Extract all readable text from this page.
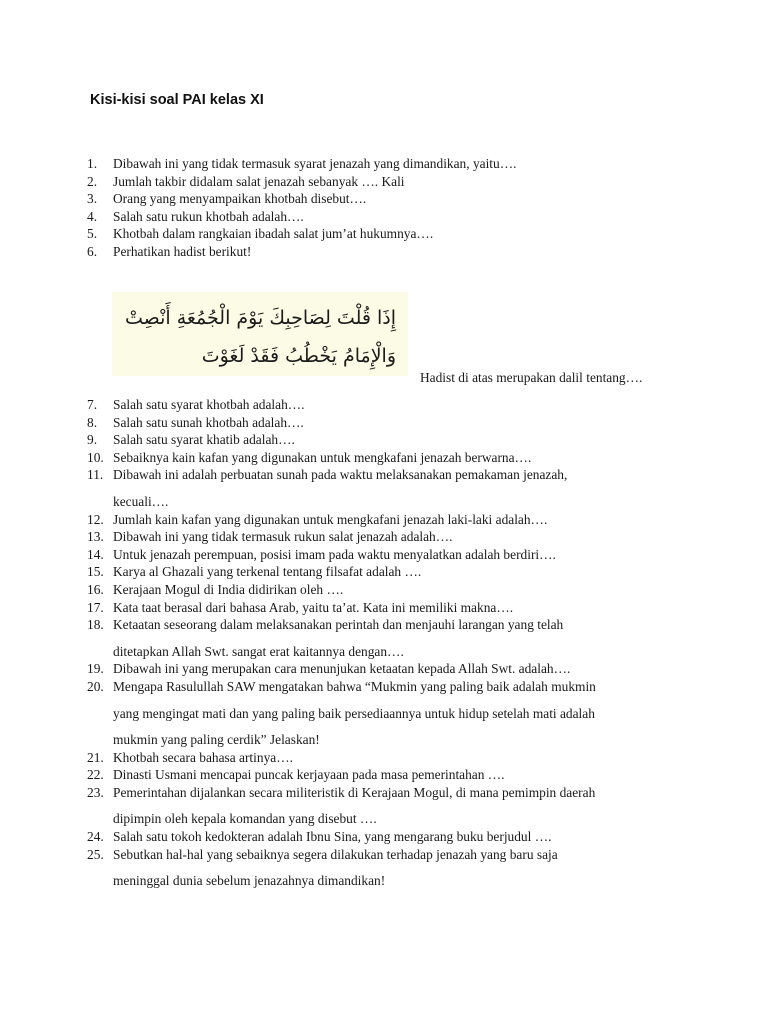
Kisi-kisi soal PAI kelas XI
1. Dibawah ini yang tidak termasuk syarat jenazah yang dimandikan, yaitu….
2. Jumlah takbir didalam salat jenazah sebanyak …. Kali
3. Orang yang menyampaikan khotbah disebut….
4. Salah satu rukun khotbah adalah….
5. Khotbah dalam rangkaian ibadah salat jum’at hukumnya….
6. Perhatikan hadist berikut!
إِذَا قُلْتَ لِصَاحِبِكَ يَوْمَ الْجُمُعَةِ أَنْصِتْ
وَالْإِمَامُ يَخْطُبُ فَقَدْ لَغَوْتَ
Hadist di atas merupakan dalil tentang….
7. Salah satu syarat khotbah adalah….
8. Salah satu sunah khotbah adalah….
9. Salah satu syarat khatib adalah….
10. Sebaiknya kain kafan yang digunakan untuk mengkafani jenazah berwarna….
11. Dibawah ini adalah perbuatan sunah pada waktu melaksanakan pemakaman jenazah,
kecuali….
12. Jumlah kain kafan yang digunakan untuk mengkafani jenazah laki-laki adalah….
13. Dibawah ini yang tidak termasuk rukun salat jenazah adalah….
14. Untuk jenazah perempuan, posisi imam pada waktu menyalatkan adalah berdiri….
15. Karya al Ghazali yang terkenal tentang filsafat adalah ….
16. Kerajaan Mogul di India didirikan oleh ….
17. Kata taat berasal dari bahasa Arab, yaitu ta’at. Kata ini memiliki makna….
18. Ketaatan seseorang dalam melaksanakan perintah dan menjauhi larangan yang telah
ditetapkan Allah Swt. sangat erat kaitannya dengan….
19. Dibawah ini yang merupakan cara menunjukan ketaatan kepada Allah Swt. adalah….
20. Mengapa Rasulullah SAW mengatakan bahwa “Mukmin yang paling baik adalah mukmin
yang mengingat mati dan yang paling baik persediaannya untuk hidup setelah mati adalah
mukmin yang paling cerdik” Jelaskan!
21. Khotbah secara bahasa artinya….
22. Dinasti Usmani mencapai puncak kerjayaan pada masa pemerintahan ….
23. Pemerintahan dijalankan secara militeristik di Kerajaan Mogul, di mana pemimpin daerah
dipimpin oleh kepala komandan yang disebut ….
24. Salah satu tokoh kedokteran adalah Ibnu Sina, yang mengarang buku berjudul ….
25. Sebutkan hal-hal yang sebaiknya segera dilakukan terhadap jenazah yang baru saja
meninggal dunia sebelum jenazahnya dimandikan!
